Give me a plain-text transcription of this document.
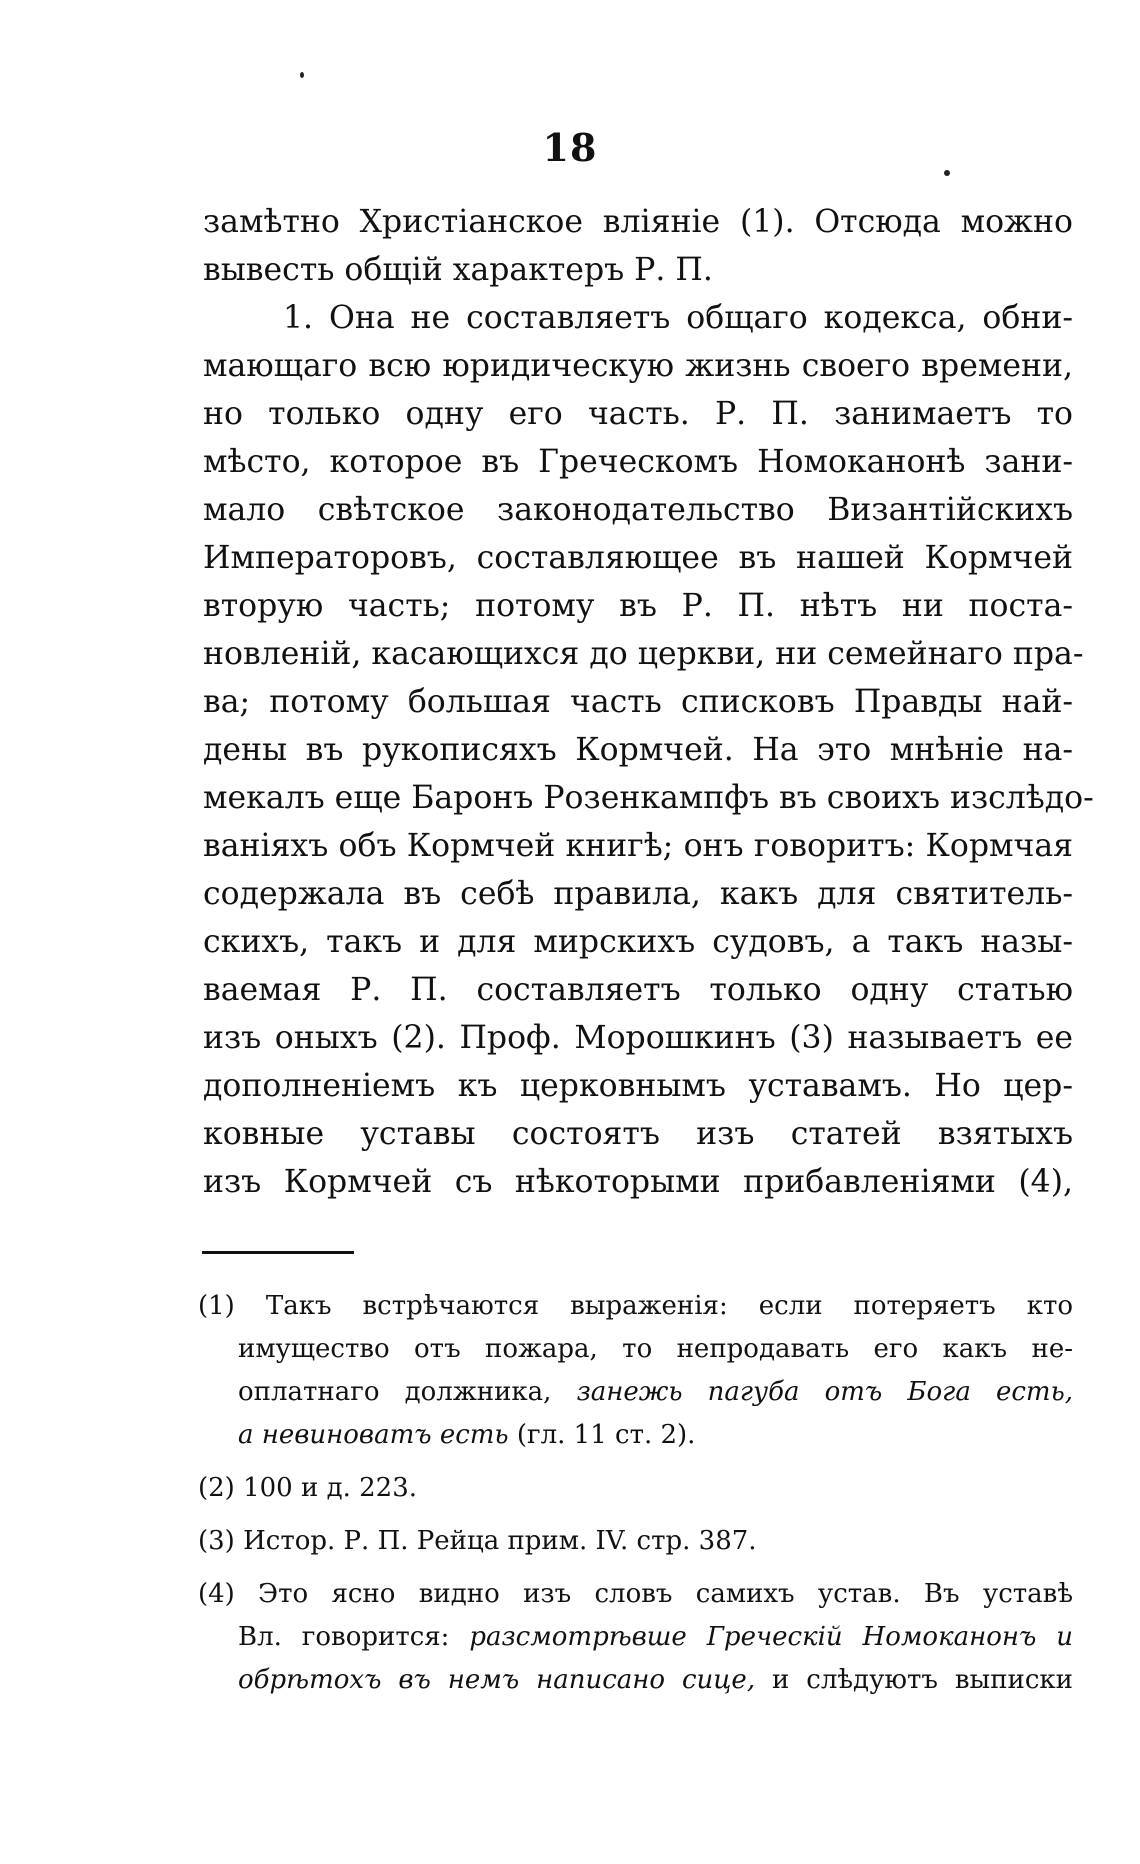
18
замѣтно Христіанское вліяніе (1). Отсюда можно
вывесть общій характеръ Р. П.
1. Она не составляетъ общаго кодекса, обни-
мающаго всю юридическую жизнь своего времени,
но только одну его часть. Р. П. занимаетъ то
мѣсто, которое въ Греческомъ Номоканонѣ зани-
мало свѣтское законодательство Византійскихъ
Императоровъ, составляющее въ нашей Кормчей
вторую часть; потому въ Р. П. нѣтъ ни поста-
новленій, касающихся до церкви, ни семейнаго пра-
ва; потому большая часть списковъ Правды най-
дены въ рукописяхъ Кормчей. На это мнѣніе на-
мекалъ еще Баронъ Розенкампфъ въ своихъ изслѣдо-
ваніяхъ объ Кормчей книгѣ; онъ говоритъ: Кормчая
содержала въ себѣ правила, какъ для святитель-
скихъ, такъ и для мирскихъ судовъ, а такъ назы-
ваемая Р. П. составляетъ только одну статью
изъ оныхъ (2). Проф. Морошкинъ (3) называетъ ее
дополненіемъ къ церковнымъ уставамъ. Но цер-
ковные уставы состоятъ изъ статей взятыхъ
изъ Кормчей съ нѣкоторыми прибавленіями (4),
(1) Такъ встрѣчаются выраженія: если потеряетъ кто
имущество отъ пожара, то непродавать его какъ не-
оплатнаго должника, занежь пагуба отъ Бога есть,
а невиноватъ есть (гл. 11 ст. 2).
(2) 100 и д. 223.
(3) Истор. Р. П. Рейца прим. IV. стр. 387.
(4) Это ясно видно изъ словъ самихъ устав. Въ уставѣ
Вл. говорится: разсмотрѣвше Греческій Номоканонъ и
обрѣтохъ въ немъ написано сице, и слѣдуютъ выписки
